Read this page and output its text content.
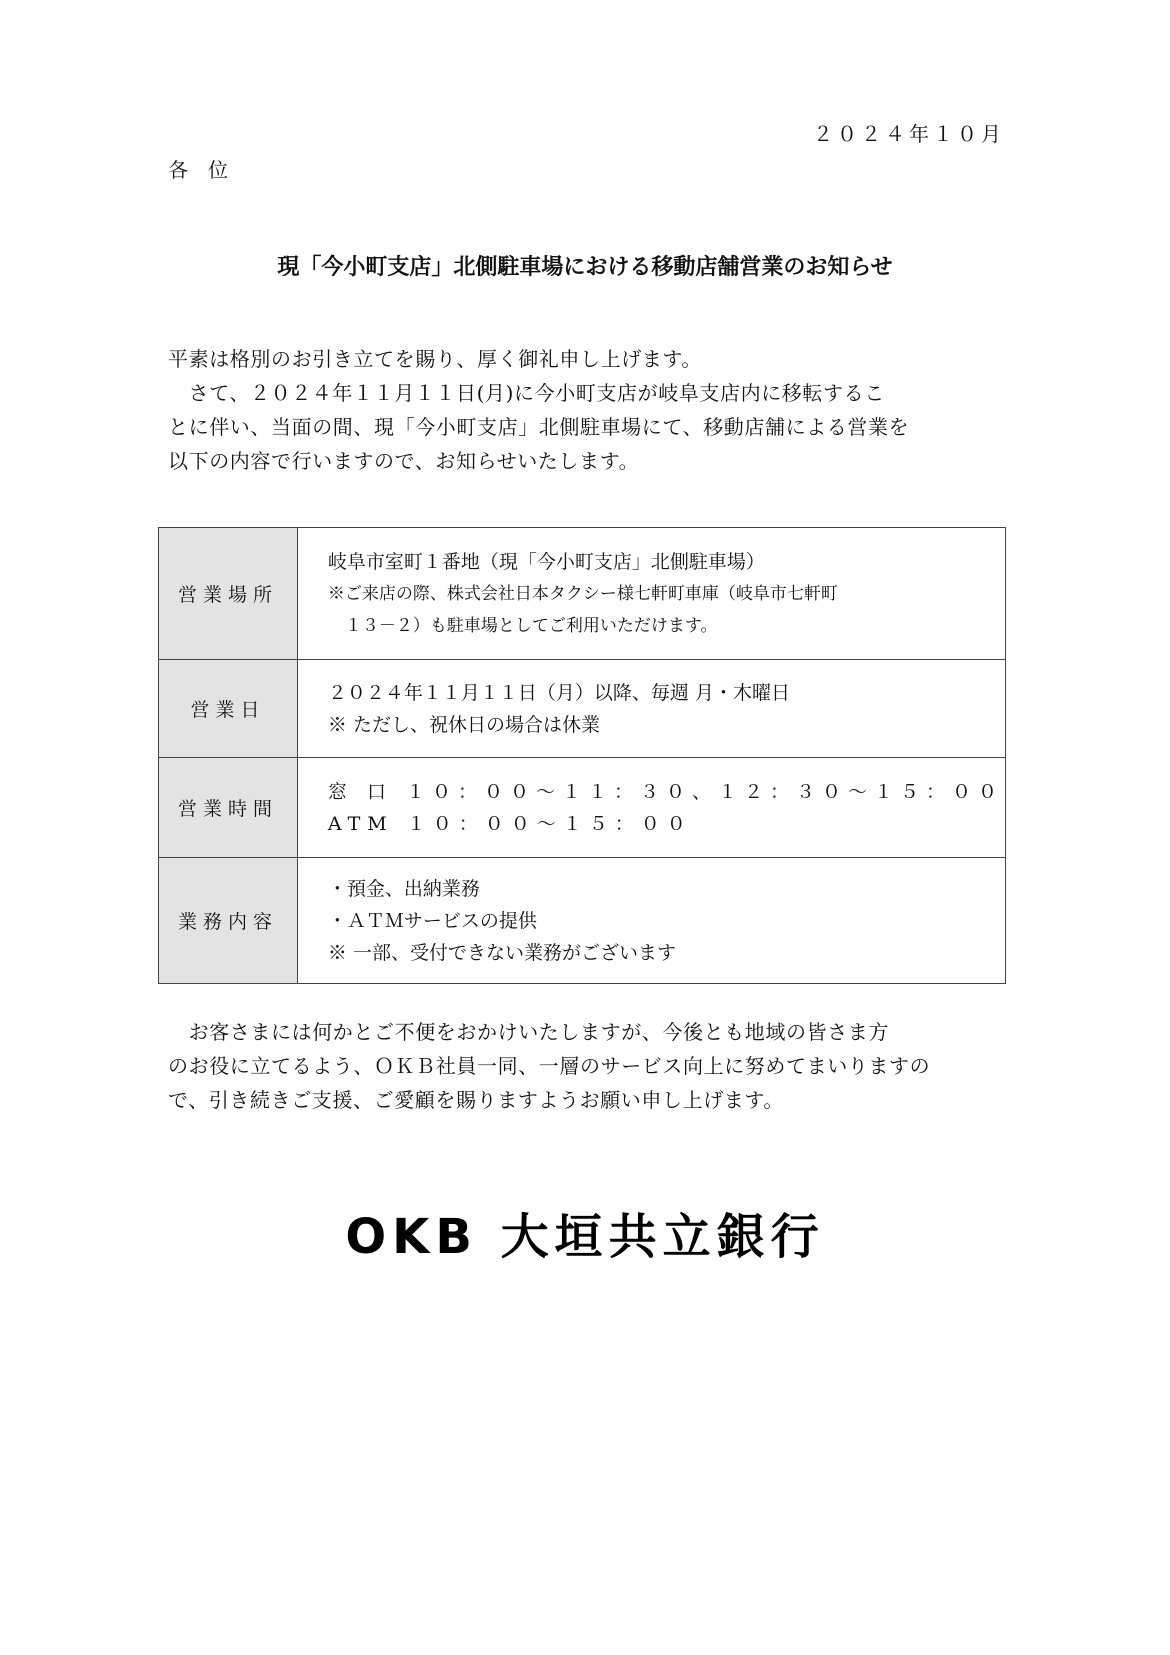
２０２４年１０月
各位
現「今小町支店」北側駐車場における移動店舗営業のお知らせ

平素は格別のお引き立てを賜り、厚く御礼申し上げます。

　さて、２０２４年１１月１１日(月)に今小町支店が岐阜支店内に移転するこ

とに伴い、当面の間、現「今小町支店」北側駐車場にて、移動店舗による営業を

以下の内容で行いますので、お知らせいたします。

営業場所	岐阜市室町１番地（現「今小町支店」北側駐車場）
※ご来店の際、株式会社日本タクシー様七軒町車庫（岐阜市七軒町
　１３－２）も駐車場としてご利用いただけます。

営業日	２０２４年１１月１１日（月）以降、毎週 月・木曜日
※ ただし、祝休日の場合は休業

営業時間	窓 口 １０：００～１１：３０、１２：３０～１５：００
ATM １０：００～１５：００

業務内容	・預金、出納業務
・ＡＴＭサービスの提供
※ 一部、受付できない業務がございます

　お客さまには何かとご不便をおかけいたしますが、今後とも地域の皆さま方

のお役に立てるよう、ＯＫＢ社員一同、一層のサービス向上に努めてまいりますの

で、引き続きご支援、ご愛顧を賜りますようお願い申し上げます。

OKB 大垣共立銀行
